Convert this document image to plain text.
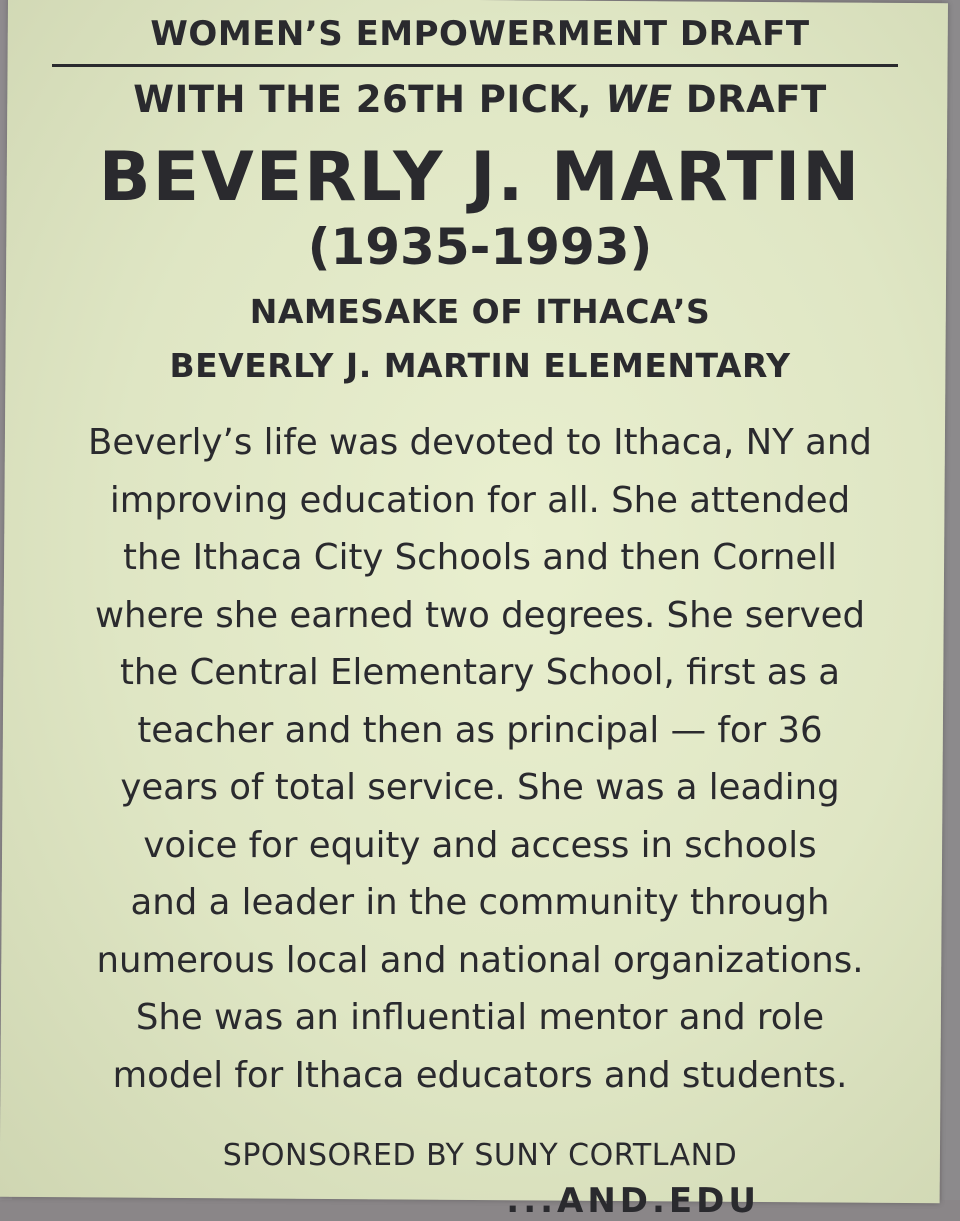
WOMEN’S EMPOWERMENT DRAFT
WITH THE 26TH PICK, WE DRAFT
BEVERLY J. MARTIN
(1935-1993)
NAMESAKE OF ITHACA’S
BEVERLY J. MARTIN ELEMENTARY
Beverly’s life was devoted to Ithaca, NY and
improving education for all. She attended
the Ithaca City Schools and then Cornell
where she earned two degrees. She served
the Central Elementary School, first as a
teacher and then as principal — for 36
years of total service. She was a leading
voice for equity and access in schools
and a leader in the community through
numerous local and national organizations.
She was an influential mentor and role
model for Ithaca educators and students.
SPONSORED BY SUNY CORTLAND
...AND.EDU
